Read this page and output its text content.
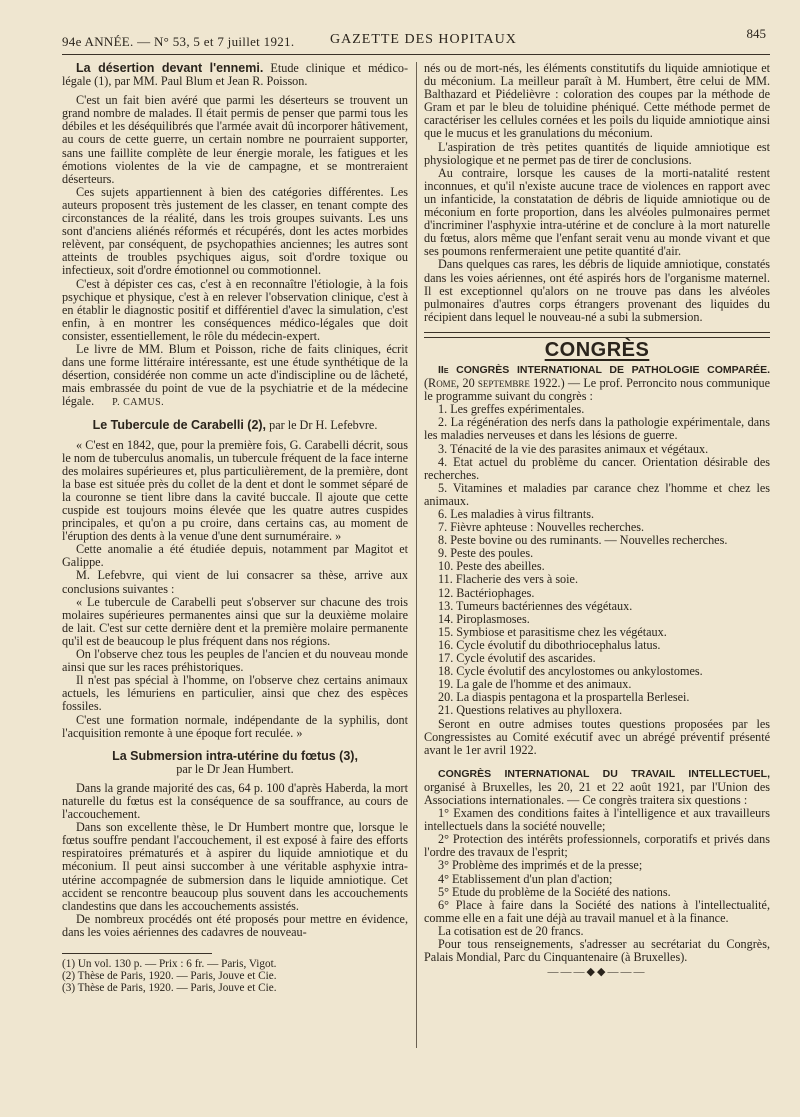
94e ANNÉE. — N° 53, 5 et 7 juillet 1921.	GAZETTE DES HOPITAUX	845

La désertion devant l'ennemi. Etude clinique et médico-légale (1), par MM. Paul Blum et Jean R. Poisson.

C'est un fait bien avéré que parmi les déserteurs se trouvent un grand nombre de malades. Il était permis de penser que parmi tous les débiles et les déséquilibrés que l'armée avait dû incorporer hâtivement, au cours de cette guerre, un certain nombre ne pourraient supporter, sans une faillite complète de leur énergie morale, les fatigues et les émotions violentes de la vie de campagne, et se montreraient déserteurs.

Ces sujets appartiennent à bien des catégories différentes. Les auteurs proposent très justement de les classer, en tenant compte des circonstances de la réalité, dans les trois groupes suivants. Les uns sont d'anciens aliénés réformés et récupérés, dont les actes morbides relèvent, par conséquent, de psychopathies anciennes; les autres sont atteints de troubles psychiques aigus, soit d'ordre toxique ou infectieux, soit d'ordre émotionnel ou commotionnel.

C'est à dépister ces cas, c'est à en reconnaître l'étiologie, à la fois psychique et physique, c'est à en relever l'observation clinique, c'est à en établir le diagnostic positif et différentiel d'avec la simulation, c'est enfin, à en montrer les conséquences médico-légales que doit consister, essentiellement, le rôle du médecin-expert.

Le livre de MM. Blum et Poisson, riche de faits cliniques, écrit dans une forme littéraire intéressante, est une étude synthétique de la désertion, considérée non comme un acte d'indiscipline ou de lâcheté, mais embrassée du point de vue de la psychiatrie et de la médecine légale. P. CAMUS.

Le Tubercule de Carabelli (2), par le Dr H. Lefebvre.

« C'est en 1842, que, pour la première fois, G. Carabelli décrit, sous le nom de tuberculus anomalis, un tubercule fréquent de la face interne des molaires supérieures et, plus particulièrement, de la première, dont la base est située près du collet de la dent et dont le sommet séparé de la couronne se tient libre dans la cavité buccale. Il ajoute que cette cuspide est toujours moins élevée que les quatre autres cuspides principales, et qu'on a pu croire, dans certains cas, au moment de l'éruption des dents à la venue d'une dent surnuméraire. »

Cette anomalie a été étudiée depuis, notamment par Magitot et Galippe.

M. Lefebvre, qui vient de lui consacrer sa thèse, arrive aux conclusions suivantes :

« Le tubercule de Carabelli peut s'observer sur chacune des trois molaires supérieures permanentes ainsi que sur la deuxième molaire de lait. C'est sur cette dernière dent et la première molaire permanente qu'il est de beaucoup le plus fréquent dans nos régions.

On l'observe chez tous les peuples de l'ancien et du nouveau monde ainsi que sur les races préhistoriques.

Il n'est pas spécial à l'homme, on l'observe chez certains animaux actuels, les lémuriens en particulier, ainsi que chez des espèces fossiles.

C'est une formation normale, indépendante de la syphilis, dont l'acquisition remonte à une époque fort reculée. »

La Submersion intra-utérine du fœtus (3),

par le Dr Jean Humbert.

Dans la grande majorité des cas, 64 p. 100 d'après Haberda, la mort naturelle du fœtus est la conséquence de sa souffrance, au cours de l'accouchement.

Dans son excellente thèse, le Dr Humbert montre que, lorsque le fœtus souffre pendant l'accouchement, il est exposé à faire des efforts respiratoires prématurés et à aspirer du liquide amniotique et du méconium. Il peut ainsi succomber à une véritable asphyxie intra-utérine accompagnée de submersion dans le liquide amniotique. Cet accident se rencontre beaucoup plus souvent dans les accouchements clandestins que dans les accouchements assistés.

De nombreux procédés ont été proposés pour mettre en évidence, dans les voies aériennes des cadavres de nouveau-

(1) Un vol. 130 p. — Prix : 6 fr. — Paris, Vigot.

(2) Thèse de Paris, 1920. — Paris, Jouve et Cie.

(3) Thèse de Paris, 1920. — Paris, Jouve et Cie.

nés ou de mort-nés, les éléments constitutifs du liquide amniotique et du méconium. La meilleur paraît à M. Humbert, être celui de MM. Balthazard et Piédelièvre : coloration des coupes par la méthode de Gram et par le bleu de toluidine phéniqué. Cette méthode permet de caractériser les cellules cornées et les poils du liquide amniotique ainsi que le mucus et les granulations du méconium.

L'aspiration de très petites quantités de liquide amniotique est physiologique et ne permet pas de tirer de conclusions.

Au contraire, lorsque les causes de la morti-natalité restent inconnues, et qu'il n'existe aucune trace de violences en rapport avec un infanticide, la constatation de débris de liquide amniotique ou de méconium en forte proportion, dans les alvéoles pulmonaires permet d'incriminer l'asphyxie intra-utérine et de conclure à la mort naturelle du fœtus, alors même que l'enfant serait venu au monde vivant et que ses poumons renfermeraient une petite quantité d'air.

Dans quelques cas rares, les débris de liquide amniotique, constatés dans les voies aériennes, ont été aspirés hors de l'organisme maternel. Il est exceptionnel qu'alors on ne trouve pas dans les alvéoles pulmonaires d'autres corps étrangers provenant des liquides du récipient dans lequel le nouveau-né a subi la submersion.

CONGRÈS

IIe CONGRÈS INTERNATIONAL DE PATHOLOGIE COMPARÉE. (Rome, 20 septembre 1922.) — Le prof. Perroncito nous communique le programme suivant du congrès :

1. Les greffes expérimentales.
2. La régénération des nerfs dans la pathologie expérimentale, dans les maladies nerveuses et dans les lésions de guerre.
3. Ténacité de la vie des parasites animaux et végétaux.
4. Etat actuel du problème du cancer. Orientation désirable des recherches.
5. Vitamines et maladies par carance chez l'homme et chez les animaux.
6. Les maladies à virus filtrants.
7. Fièvre aphteuse : Nouvelles recherches.
8. Peste bovine ou des ruminants. — Nouvelles recherches.
9. Peste des poules.
10. Peste des abeilles.
11. Flacherie des vers à soie.
12. Bactériophages.
13. Tumeurs bactériennes des végétaux.
14. Piroplasmoses.
15. Symbiose et parasitisme chez les végétaux.
16. Cycle évolutif du dibothriocephalus latus.
17. Cycle évolutif des ascarides.
18. Cycle évolutif des ancylostomes ou ankylostomes.
19. La gale de l'homme et des animaux.
20. La diaspis pentagona et la prospartella Berlesei.
21. Questions relatives au phylloxera.

Seront en outre admises toutes questions proposées par les Congressistes au Comité exécutif avec un abrégé préventif présenté avant le 1er avril 1922.

CONGRÈS INTERNATIONAL DU TRAVAIL INTELLECTUEL, organisé à Bruxelles, les 20, 21 et 22 août 1921, par l'Union des Associations internationales. — Ce congrès traitera six questions :

1° Examen des conditions faites à l'intelligence et aux travailleurs intellectuels dans la société nouvelle;
2° Protection des intérêts professionnels, corporatifs et privés dans l'ordre des travaux de l'esprit;
3° Problème des imprimés et de la presse;
4° Etablissement d'un plan d'action;
5° Etude du problème de la Société des nations.
6° Place à faire dans la Société des nations à l'intellectualité, comme elle en a fait une déjà au travail manuel et à la finance.

La cotisation est de 20 francs.

Pour tous renseignements, s'adresser au secrétariat du Congrès, Palais Mondial, Parc du Cinquantenaire (à Bruxelles).

———◆◆———
